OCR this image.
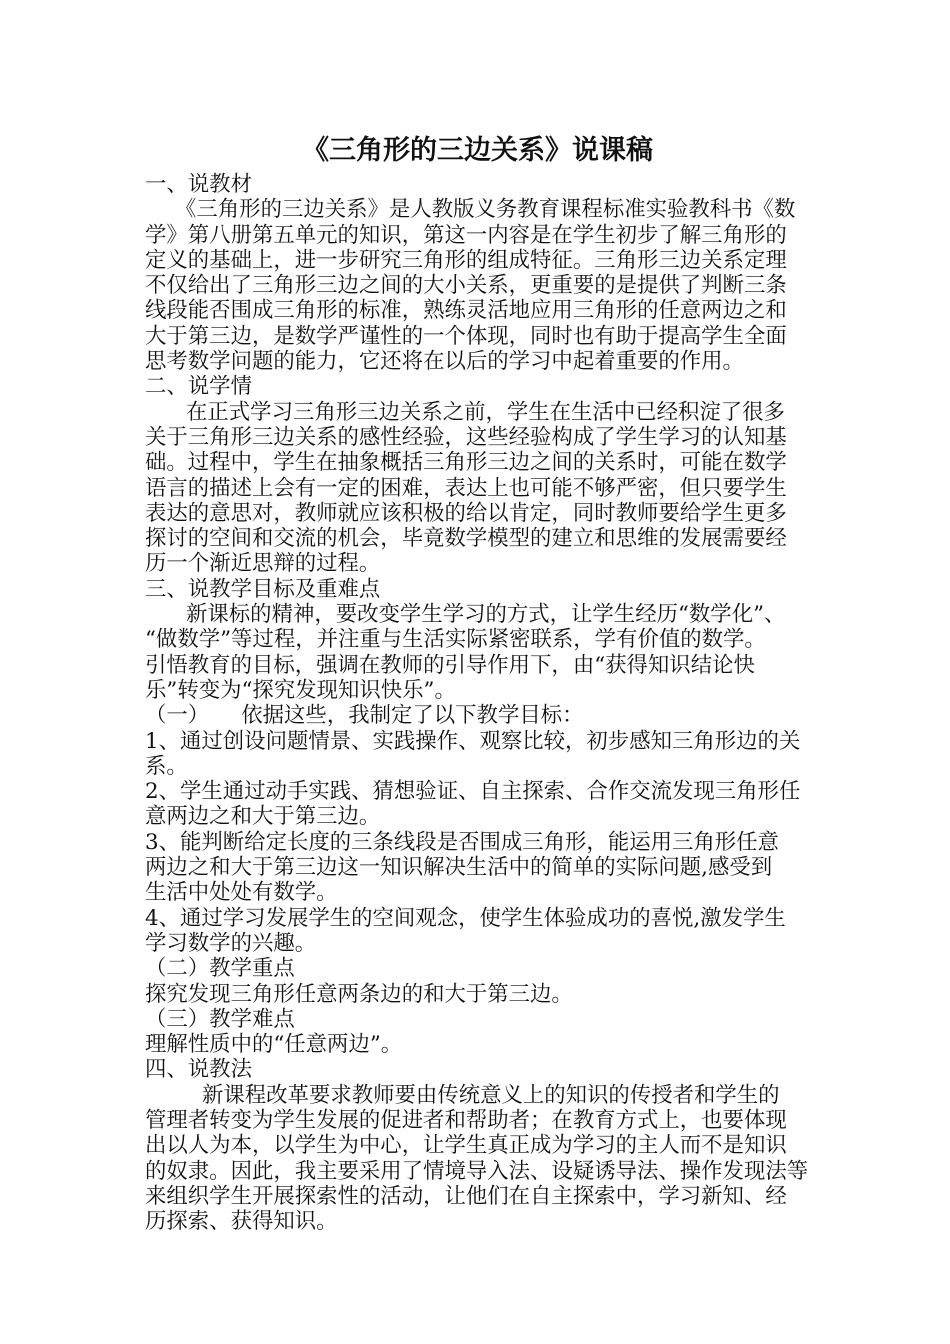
《三角形的三边关系》说课稿
一、说教材
《三角形的三边关系》是人教版义务教育课程标准实验教科书《数
学》第八册第五单元的知识，第这一内容是在学生初步了解三角形的
定义的基础上，进一步研究三角形的组成特征。三角形三边关系定理
不仅给出了三角形三边之间的大小关系，更重要的是提供了判断三条
线段能否围成三角形的标准，熟练灵活地应用三角形的任意两边之和
大于第三边，是数学严谨性的一个体现，同时也有助于提高学生全面
思考数学问题的能力，它还将在以后的学习中起着重要的作用。
二、说学情
在正式学习三角形三边关系之前，学生在生活中已经积淀了很多
关于三角形三边关系的感性经验，这些经验构成了学生学习的认知基
础。过程中，学生在抽象概括三角形三边之间的关系时，可能在数学
语言的描述上会有一定的困难，表达上也可能不够严密，但只要学生
表达的意思对，教师就应该积极的给以肯定，同时教师要给学生更多
探讨的空间和交流的机会，毕竟数学模型的建立和思维的发展需要经
历一个渐近思辩的过程。
三、说教学目标及重难点
新课标的精神，要改变学生学习的方式，让学生经历“数学化”、
“做数学”等过程，并注重与生活实际紧密联系，学有价值的数学。
引悟教育的目标，强调在教师的引导作用下，由“获得知识结论快
乐”转变为“探究发现知识快乐”。
（一）　　依据这些，我制定了以下教学目标：
1、通过创设问题情景、实践操作、观察比较，初步感知三角形边的关
系。
2、学生通过动手实践、猜想验证、自主探索、合作交流发现三角形任
意两边之和大于第三边。
3、能判断给定长度的三条线段是否围成三角形，能运用三角形任意
两边之和大于第三边这一知识解决生活中的简单的实际问题,感受到
生活中处处有数学。
4、通过学习发展学生的空间观念，使学生体验成功的喜悦,激发学生
学习数学的兴趣。
（二）教学重点
探究发现三角形任意两条边的和大于第三边。
（三）教学难点
理解性质中的“任意两边”。
四、说教法
新课程改革要求教师要由传统意义上的知识的传授者和学生的
管理者转变为学生发展的促进者和帮助者；在教育方式上，也要体现
出以人为本，以学生为中心，让学生真正成为学习的主人而不是知识
的奴隶。因此，我主要采用了情境导入法、设疑诱导法、操作发现法等
来组织学生开展探索性的活动，让他们在自主探索中，学习新知、经
历探索、获得知识。
